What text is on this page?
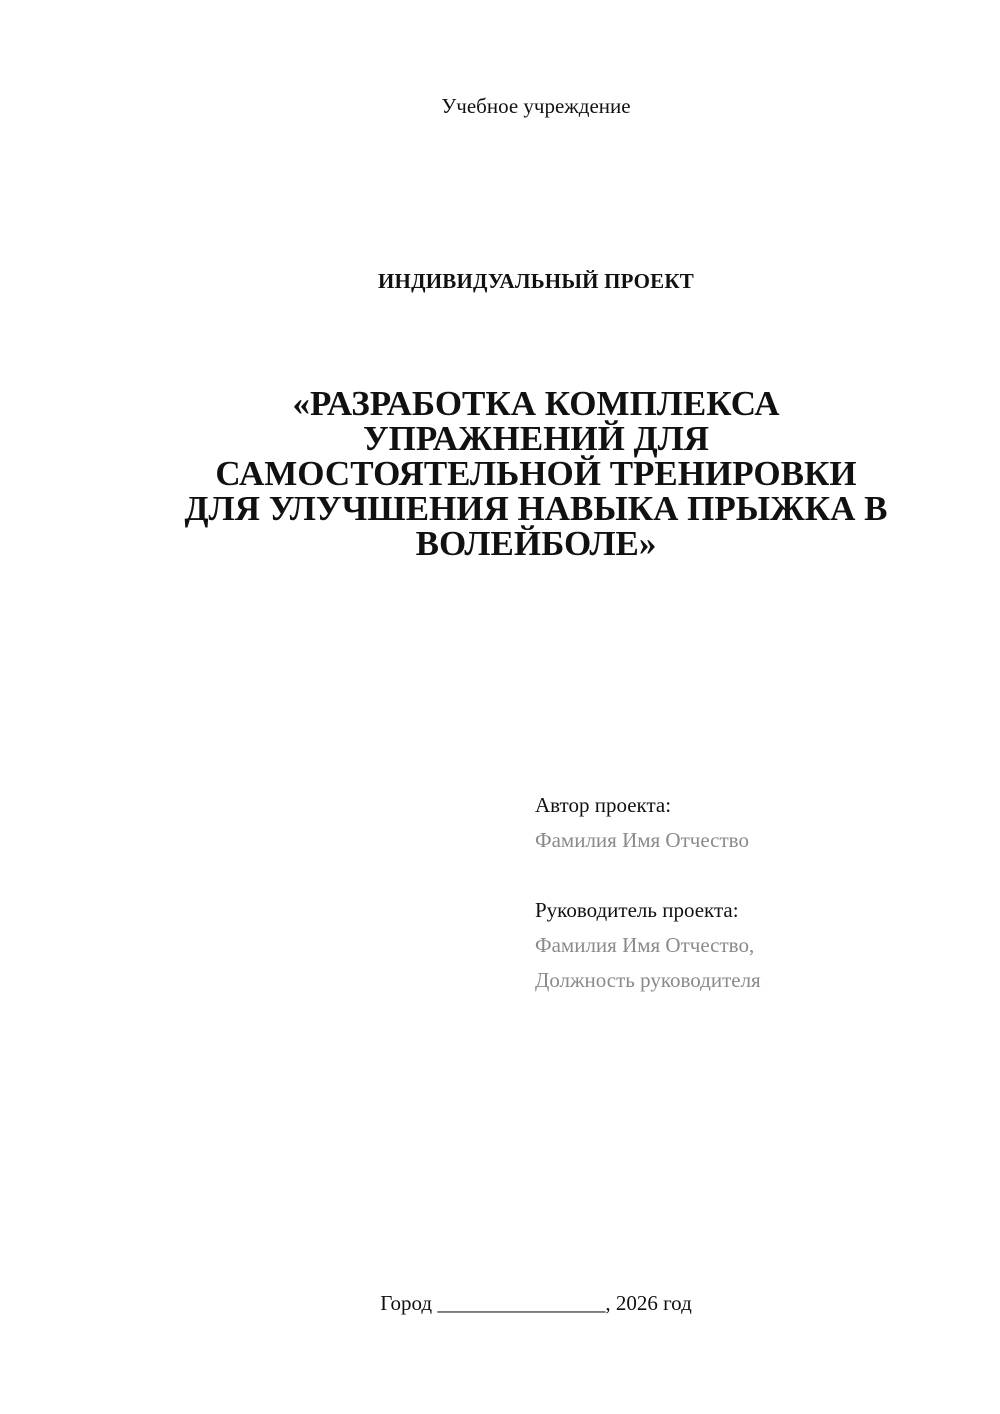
Учебное учреждение
ИНДИВИДУАЛЬНЫЙ ПРОЕКТ
«РАЗРАБОТКА КОМПЛЕКСА
УПРАЖНЕНИЙ ДЛЯ
САМОСТОЯТЕЛЬНОЙ ТРЕНИРОВКИ
ДЛЯ УЛУЧШЕНИЯ НАВЫКА ПРЫЖКА В
ВОЛЕЙБОЛЕ»
Автор проекта:
Фамилия Имя Отчество
Руководитель проекта:
Фамилия Имя Отчество,
Должность руководителя
Город ________________, 2026 год
